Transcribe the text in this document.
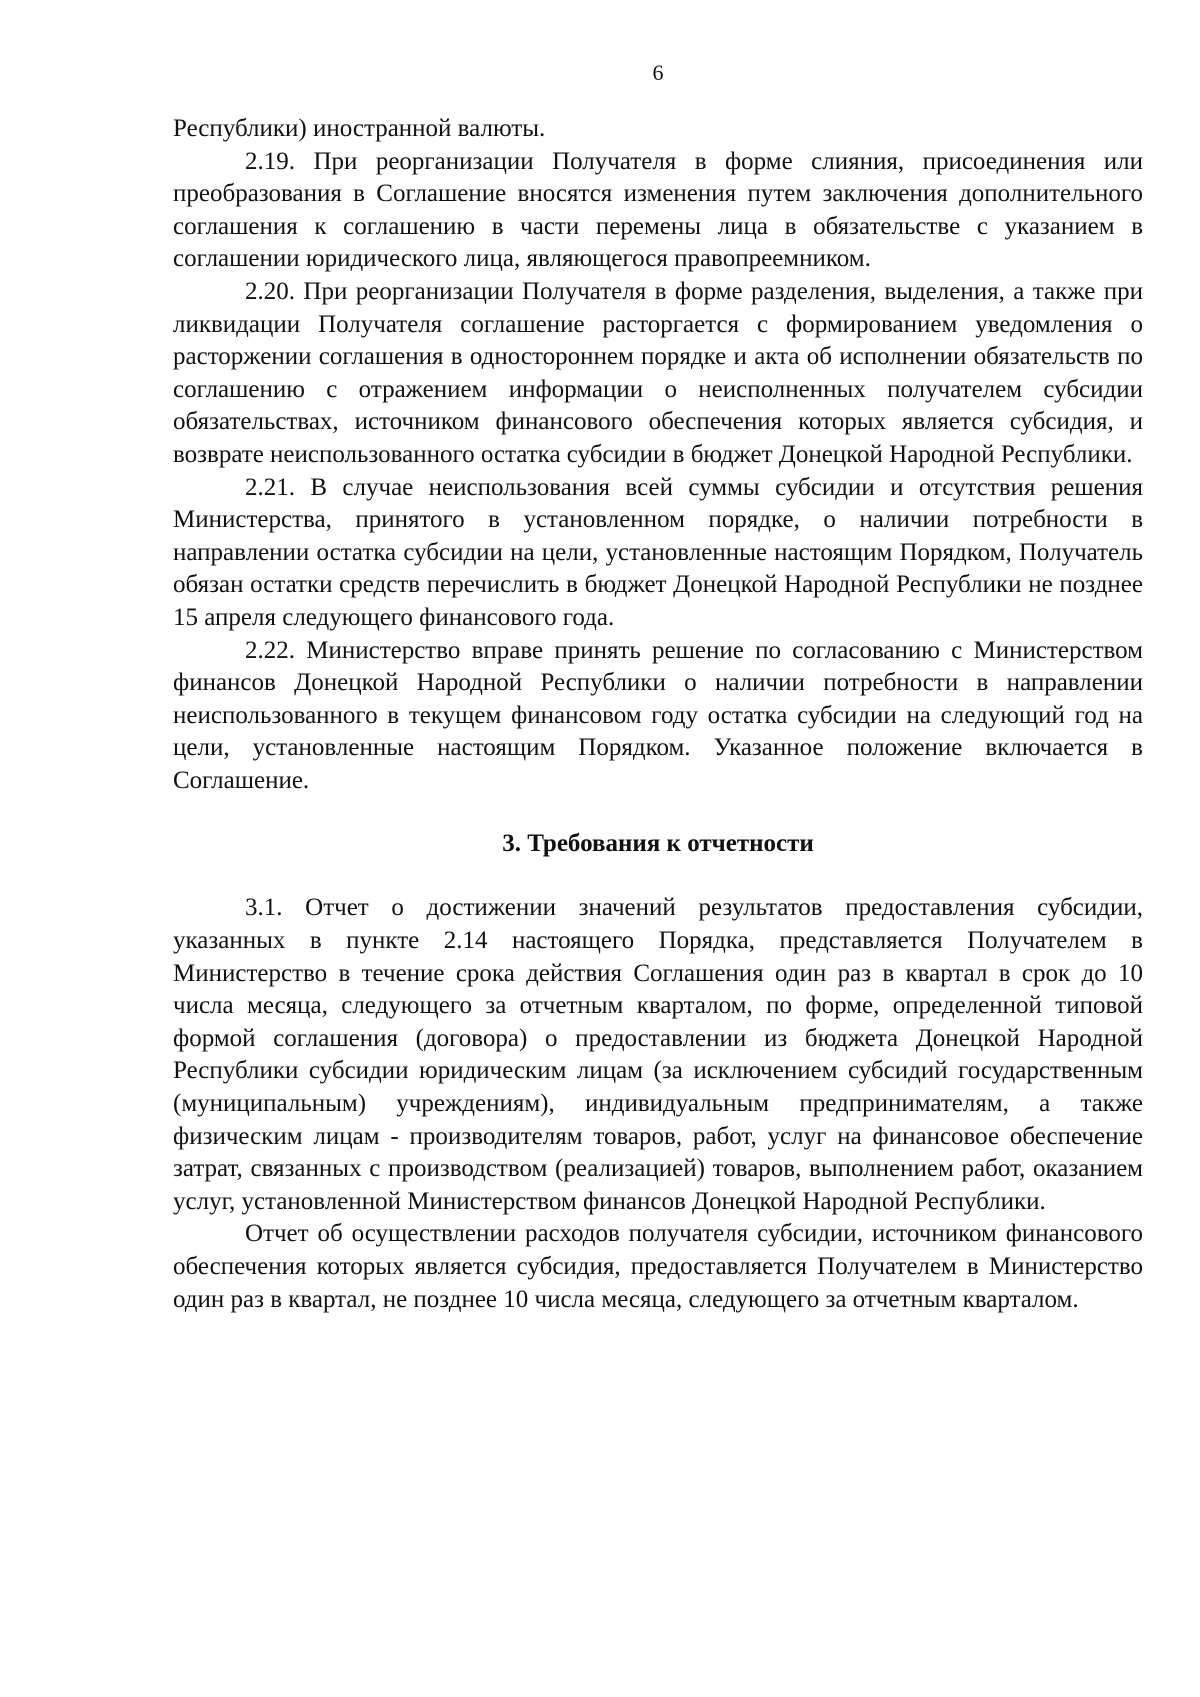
6

Республики) иностранной валюты.

2.19. При реорганизации Получателя в форме слияния, присоединения или преобразования в Соглашение вносятся изменения путем заключения дополнительного соглашения к соглашению в части перемены лица в обязательстве с указанием в соглашении юридического лица, являющегося правопреемником.

2.20. При реорганизации Получателя в форме разделения, выделения, а также при ликвидации Получателя соглашение расторгается с формированием уведомления о расторжении соглашения в одностороннем порядке и акта об исполнении обязательств по соглашению с отражением информации о неисполненных получателем субсидии обязательствах, источником финансового обеспечения которых является субсидия, и возврате неиспользованного остатка субсидии в бюджет Донецкой Народной Республики.

2.21. В случае неиспользования всей суммы субсидии и отсутствия решения Министерства, принятого в установленном порядке, о наличии потребности в направлении остатка субсидии на цели, установленные настоящим Порядком, Получатель обязан остатки средств перечислить в бюджет Донецкой Народной Республики не позднее 15 апреля следующего финансового года.

2.22. Министерство вправе принять решение по согласованию с Министерством финансов Донецкой Народной Республики о наличии потребности в направлении неиспользованного в текущем финансовом году остатка субсидии на следующий год на цели, установленные настоящим Порядком. Указанное положение включается в Соглашение.

3. Требования к отчетности

3.1. Отчет о достижении значений результатов предоставления субсидии, указанных в пункте 2.14 настоящего Порядка, представляется Получателем в Министерство в течение срока действия Соглашения один раз в квартал в срок до 10 числа месяца, следующего за отчетным кварталом, по форме, определенной типовой формой соглашения (договора) о предоставлении из бюджета Донецкой Народной Республики субсидии юридическим лицам (за исключением субсидий государственным (муниципальным) учреждениям), индивидуальным предпринимателям, а также физическим лицам - производителям товаров, работ, услуг на финансовое обеспечение затрат, связанных с производством (реализацией) товаров, выполнением работ, оказанием услуг, установленной Министерством финансов Донецкой Народной Республики.

Отчет об осуществлении расходов получателя субсидии, источником финансового обеспечения которых является субсидия, предоставляется Получателем в Министерство один раз в квартал, не позднее 10 числа месяца, следующего за отчетным кварталом.
